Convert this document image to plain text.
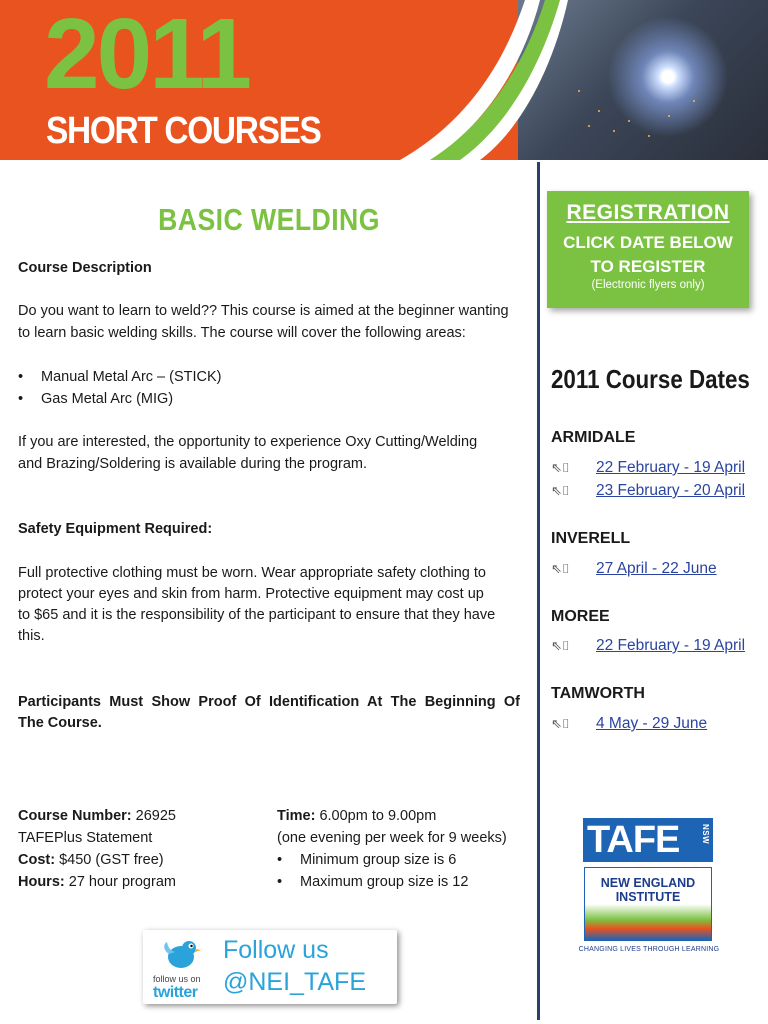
2011
SHORT COURSES
BASIC WELDING
Course Description
Do you want to learn to weld?? This course is aimed at the beginner wanting
to learn basic welding skills. The course will cover the following areas:
• Manual Metal Arc – (STICK)
• Gas Metal Arc (MIG)
If you are interested, the opportunity to experience Oxy Cutting/Welding
and Brazing/Soldering is available during the program.
Safety Equipment Required:
Full protective clothing must be worn. Wear appropriate safety clothing to
protect your eyes and skin from harm. Protective equipment may cost up
to $65 and it is the responsibility of the participant to ensure that they have
this.
Participants Must Show Proof Of Identification At The Beginning Of
The Course.
Course Number: 26925
TAFEPlus Statement
Cost: $450 (GST free)
Hours: 27 hour program
Time: 6.00pm to 9.00pm
(one evening per week for 9 weeks)
• Minimum group size is 6
• Maximum group size is 12
follow us on
twitter
Follow us
@NEI_TAFE
REGISTRATION
CLICK DATE BELOW
TO REGISTER
(Electronic flyers only)
2011 Course Dates
ARMIDALE
⇖⌷ 22 February - 19 April
⇖⌷ 23 February - 20 April
INVERELL
⇖⌷ 27 April - 22 June
MOREE
⇖⌷ 22 February - 19 April
TAMWORTH
⇖⌷ 4 May - 29 June
TAFE	NSW
NEW ENGLAND
INSTITUTE
CHANGING LIVES THROUGH LEARNING
